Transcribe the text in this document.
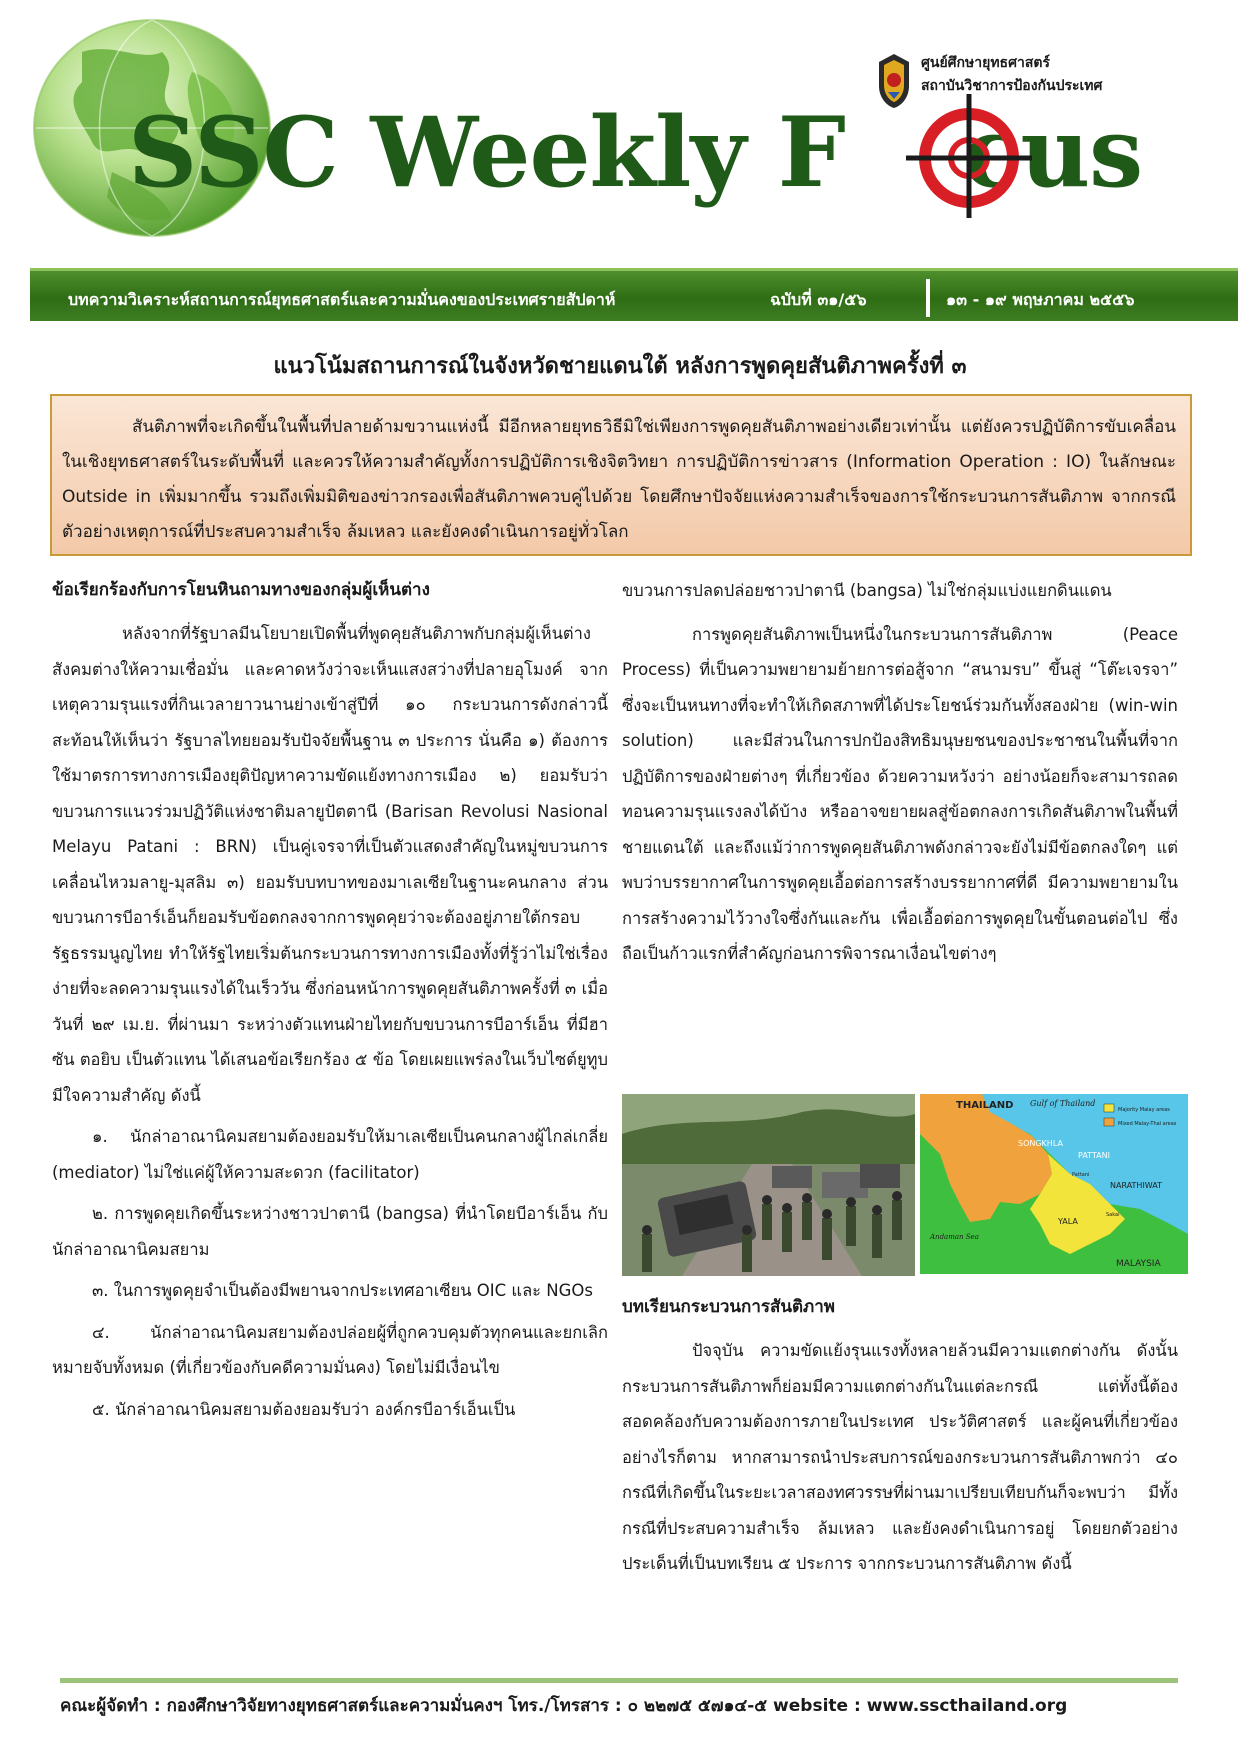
ศูนย์ศึกษายุทธศาสตร์
สถาบันวิชาการป้องกันประเทศ
SSC Weekly F cus
บทความวิเคราะห์สถานการณ์ยุทธศาสตร์และความมั่นคงของประเทศรายสัปดาห์	ฉบับที่ ๓๑/๕๖	๑๓ - ๑๙ พฤษภาคม ๒๕๕๖
แนวโน้มสถานการณ์ในจังหวัดชายแดนใต้ หลังการพูดคุยสันติภาพครั้งที่ ๓

สันติภาพที่จะเกิดขึ้นในพื้นที่ปลายด้ามขวานแห่งนี้ มีอีกหลายยุทธวิธีมิใช่เพียงการพูดคุยสันติภาพอย่างเดียวเท่านั้น แต่ยังควรปฏิบัติการขับเคลื่อนในเชิงยุทธศาสตร์ในระดับพื้นที่ และควรให้ความสำคัญทั้งการปฏิบัติการเชิงจิตวิทยา การปฏิบัติการข่าวสาร (Information Operation : IO) ในลักษณะ Outside in เพิ่มมากขึ้น รวมถึงเพิ่มมิติของข่าวกรองเพื่อสันติภาพควบคู่ไปด้วย โดยศึกษาปัจจัยแห่งความสำเร็จของการใช้กระบวนการสันติภาพ จากกรณีตัวอย่างเหตุการณ์ที่ประสบความสำเร็จ ล้มเหลว และยังคงดำเนินการอยู่ทั่วโลก

ข้อเรียกร้องกับการโยนหินถามทางของกลุ่มผู้เห็นต่าง

หลังจากที่รัฐบาลมีนโยบายเปิดพื้นที่พูดคุยสันติภาพกับกลุ่มผู้เห็นต่าง สังคมต่างให้ความเชื่อมั่น และคาดหวังว่าจะเห็นแสงสว่างที่ปลายอุโมงค์ จากเหตุความรุนแรงที่กินเวลายาวนานย่างเข้าสู่ปีที่ ๑๐ กระบวนการดังกล่าวนี้สะท้อนให้เห็นว่า รัฐบาลไทยยอมรับปัจจัยพื้นฐาน ๓ ประการ นั่นคือ ๑) ต้องการใช้มาตรการทางการเมืองยุติปัญหาความขัดแย้งทางการเมือง ๒) ยอมรับว่าขบวนการแนวร่วมปฏิวัติแห่งชาติมลายูปัตตานี (Barisan Revolusi Nasional Melayu Patani : BRN) เป็นคู่เจรจาที่เป็นตัวแสดงสำคัญในหมู่ขบวนการเคลื่อนไหวมลายู-มุสลิม ๓) ยอมรับบทบาทของมาเลเซียในฐานะคนกลาง ส่วนขบวนการบีอาร์เอ็นก็ยอมรับข้อตกลงจากการพูดคุยว่าจะต้องอยู่ภายใต้กรอบรัฐธรรมนูญไทย ทำให้รัฐไทยเริ่มต้นกระบวนการทางการเมืองทั้งที่รู้ว่าไม่ใช่เรื่องง่ายที่จะลดความรุนแรงได้ในเร็ววัน ซึ่งก่อนหน้าการพูดคุยสันติภาพครั้งที่ ๓ เมื่อวันที่ ๒๙ เม.ย. ที่ผ่านมา ระหว่างตัวแทนฝ่ายไทยกับขบวนการบีอาร์เอ็น ที่มีฮาซัน ตอยิบ เป็นตัวแทน ได้เสนอข้อเรียกร้อง ๕ ข้อ โดยเผยแพร่ลงในเว็บไซต์ยูทูบ มีใจความสำคัญ ดังนี้

๑. นักล่าอาณานิคมสยามต้องยอมรับให้มาเลเซียเป็นคนกลางผู้ไกล่เกลี่ย (mediator) ไม่ใช่แค่ผู้ให้ความสะดวก (facilitator)

๒. การพูดคุยเกิดขึ้นระหว่างชาวปาตานี (bangsa) ที่นำโดยบีอาร์เอ็น กับนักล่าอาณานิคมสยาม

๓. ในการพูดคุยจำเป็นต้องมีพยานจากประเทศอาเซียน OIC และ NGOs

๔. นักล่าอาณานิคมสยามต้องปล่อยผู้ที่ถูกควบคุมตัวทุกคนและยกเลิกหมายจับทั้งหมด (ที่เกี่ยวข้องกับคดีความมั่นคง) โดยไม่มีเงื่อนไข

๕. นักล่าอาณานิคมสยามต้องยอมรับว่า องค์กรบีอาร์เอ็นเป็น

ขบวนการปลดปล่อยชาวปาตานี (bangsa) ไม่ใช่กลุ่มแบ่งแยกดินแดน

การพูดคุยสันติภาพเป็นหนึ่งในกระบวนการสันติภาพ (Peace Process) ที่เป็นความพยายามย้ายการต่อสู้จาก “สนามรบ” ขึ้นสู่ “โต๊ะเจรจา” ซึ่งจะเป็นหนทางที่จะทำให้เกิดสภาพที่ได้ประโยชน์ร่วมกันทั้งสองฝ่าย (win-win solution) และมีส่วนในการปกป้องสิทธิมนุษยชนของประชาชนในพื้นที่จากปฏิบัติการของฝ่ายต่างๆ ที่เกี่ยวข้อง ด้วยความหวังว่า อย่างน้อยก็จะสามารถลดทอนความรุนแรงลงได้บ้าง หรืออาจขยายผลสู่ข้อตกลงการเกิดสันติภาพในพื้นที่ชายแดนใต้ และถึงแม้ว่าการพูดคุยสันติภาพดังกล่าวจะยังไม่มีข้อตกลงใดๆ แต่พบว่าบรรยากาศในการพูดคุยเอื้อต่อการสร้างบรรยากาศที่ดี มีความพยายามในการสร้างความไว้วางใจซึ่งกันและกัน เพื่อเอื้อต่อการพูดคุยในขั้นตอนต่อไป ซึ่งถือเป็นก้าวแรกที่สำคัญก่อนการพิจารณาเงื่อนไขต่างๆ

THAILAND Gulf of Thailand
Majority Malay areas
Mixed Malay-Thai areas
SONGKHLA
PATTANI
Pattani
NARATHIWAT
Sakai
YALA
Andaman Sea
MALAYSIA
บทเรียนกระบวนการสันติภาพ

ปัจจุบัน ความขัดแย้งรุนแรงทั้งหลายล้วนมีความแตกต่างกัน ดังนั้น กระบวนการสันติภาพก็ย่อมมีความแตกต่างกันในแต่ละกรณี แต่ทั้งนี้ต้องสอดคล้องกับความต้องการภายในประเทศ ประวัติศาสตร์ และผู้คนที่เกี่ยวข้อง อย่างไรก็ตาม หากสามารถนำประสบการณ์ของกระบวนการสันติภาพกว่า ๔๐ กรณีที่เกิดขึ้นในระยะเวลาสองทศวรรษที่ผ่านมาเปรียบเทียบกันก็จะพบว่า มีทั้งกรณีที่ประสบความสำเร็จ ล้มเหลว และยังคงดำเนินการอยู่ โดยยกตัวอย่างประเด็นที่เป็นบทเรียน ๕ ประการ จากกระบวนการสันติภาพ ดังนี้

คณะผู้จัดทำ : กองศึกษาวิจัยทางยุทธศาสตร์และความมั่นคงฯ โทร./โทรสาร : ๐ ๒๒๗๕ ๕๗๑๔-๕ website : www.sscthailand.org
